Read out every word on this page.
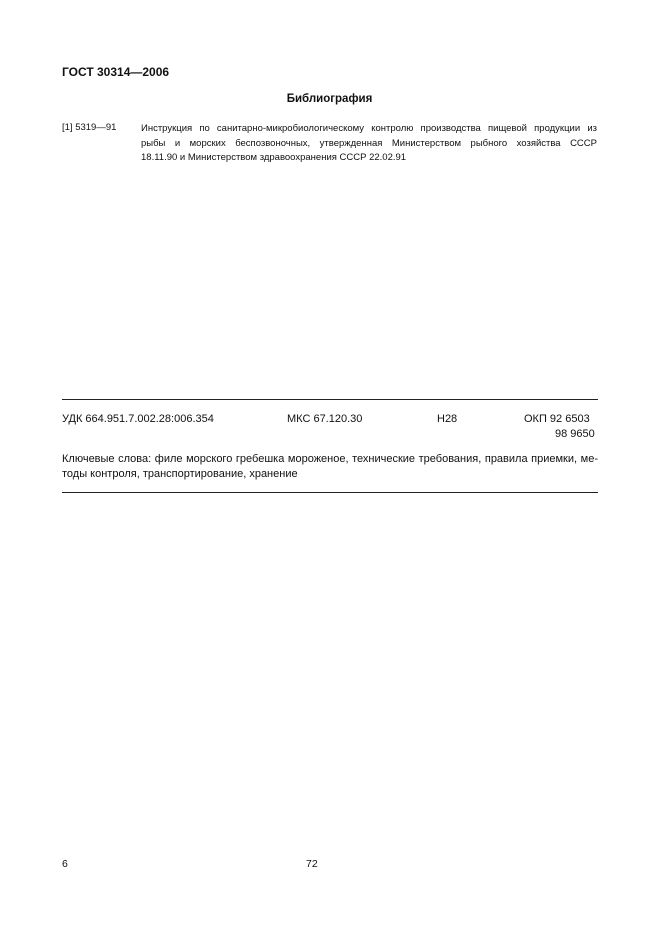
ГОСТ 30314—2006
Библиография
[1] 5319—91	Инструкция по санитарно-микробиологическому контролю производства пищевой продукции из
рыбы и морских беспозвоночных, утвержденная Министерством рыбного хозяйства СССР
18.11.90 и Министерством здравоохранения СССР 22.02.91
УДК 664.951.7.002.28:006.354	МКС 67.120.30	Н28	ОКП 92 6503
98 9650
Ключевые слова: филе морского гребешка мороженое, технические требования, правила приемки, ме-
тоды контроля, транспортирование, хранение
6	72
